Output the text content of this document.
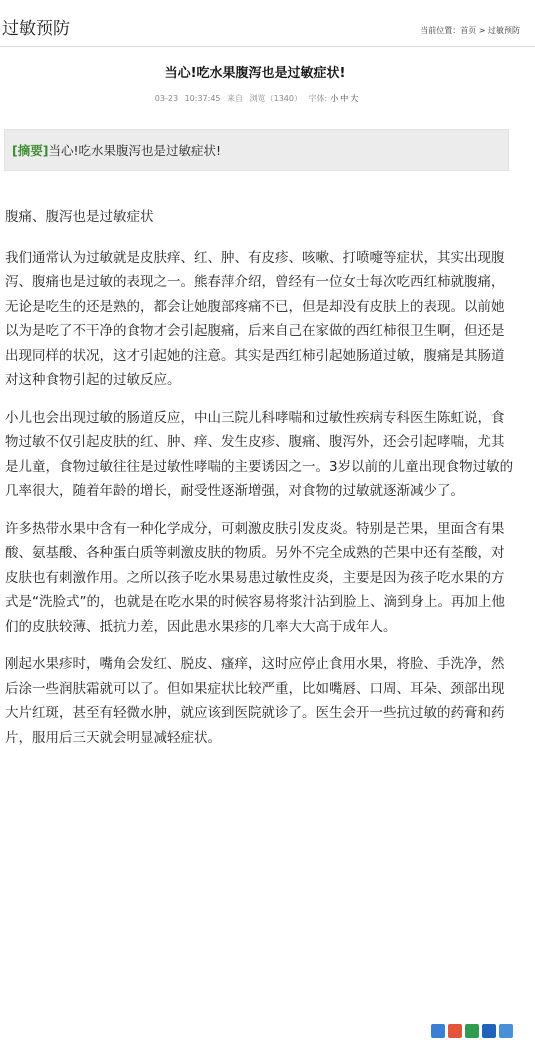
过敏预防	当前位置：首页 > 过敏预防
当心!吃水果腹泻也是过敏症状!
03-23 10:37:45 来自 浏览（1340） 字体: 小 中 大
[摘要]当心!吃水果腹泻也是过敏症状!

腹痛、腹泻也是过敏症状

我们通常认为过敏就是皮肤痒、红、肿、有皮疹、咳嗽、打喷嚏等症状，其实出现腹泻、腹痛也是过敏的表现之一。熊春萍介绍，曾经有一位女士每次吃西红柿就腹痛，无论是吃生的还是熟的，都会让她腹部疼痛不已，但是却没有皮肤上的表现。以前她以为是吃了不干净的食物才会引起腹痛，后来自己在家做的西红柿很卫生啊，但还是出现同样的状况，这才引起她的注意。其实是西红柿引起她肠道过敏，腹痛是其肠道对这种食物引起的过敏反应。

小儿也会出现过敏的肠道反应，中山三院儿科哮喘和过敏性疾病专科医生陈虹说，食物过敏不仅引起皮肤的红、肿、痒、发生皮疹、腹痛、腹泻外，还会引起哮喘，尤其是儿童，食物过敏往往是过敏性哮喘的主要诱因之一。3岁以前的儿童出现食物过敏的几率很大，随着年龄的增长，耐受性逐渐增强，对食物的过敏就逐渐减少了。

许多热带水果中含有一种化学成分，可刺激皮肤引发皮炎。特别是芒果，里面含有果酸、氨基酸、各种蛋白质等刺激皮肤的物质。另外不完全成熟的芒果中还有荃酸，对皮肤也有刺激作用。之所以孩子吃水果易患过敏性皮炎，主要是因为孩子吃水果的方式是“洗脸式”的，也就是在吃水果的时候容易将浆汁沾到脸上、滴到身上。再加上他们的皮肤较薄、抵抗力差，因此患水果疹的几率大大高于成年人。

刚起水果疹时，嘴角会发红、脱皮、瘙痒，这时应停止食用水果，将脸、手洗净，然后涂一些润肤霜就可以了。但如果症状比较严重，比如嘴唇、口周、耳朵、颈部出现大片红斑，甚至有轻微水肿，就应该到医院就诊了。医生会开一些抗过敏的药膏和药片，服用后三天就会明显减轻症状。
